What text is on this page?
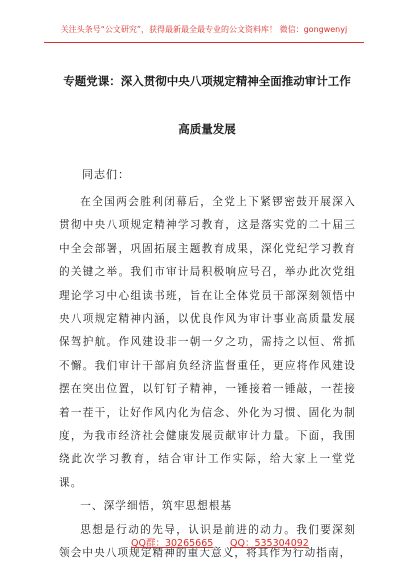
关注头条号“公文研究”，获得最新最全最专业的公文资料库！ 微信：gongwenyj
专题党课：深入贯彻中央八项规定精神全面推动审计工作
高质量发展
同志们：

在全国两会胜利闭幕后，全党上下紧锣密鼓开展深入贯彻中央八项规定精神学习教育，这是落实党的二十届三中全会部署，巩固拓展主题教育成果，深化党纪学习教育的关键之举。我们市审计局积极响应号召，举办此次党组理论学习中心组读书班，旨在让全体党员干部深刻领悟中央八项规定精神内涵，以优良作风为审计事业高质量发展保驾护航。作风建设非一朝一夕之功，需持之以恒、常抓不懈。我们审计干部肩负经济监督重任，更应将作风建设摆在突出位置，以钉钉子精神，一锤接着一锤敲，一茬接着一茬干，让好作风内化为信念、外化为习惯、固化为制度，为我市经济社会健康发展贡献审计力量。下面，我围绕此次学习教育，结合审计工作实际，给大家上一堂党课。

一、深学细悟，筑牢思想根基

思想是行动的先导，认识是前进的动力。我们要深刻领会中央八项规定精神的重大意义，将其作为行动指南，

QQ群：30265665 QQ：535304092
